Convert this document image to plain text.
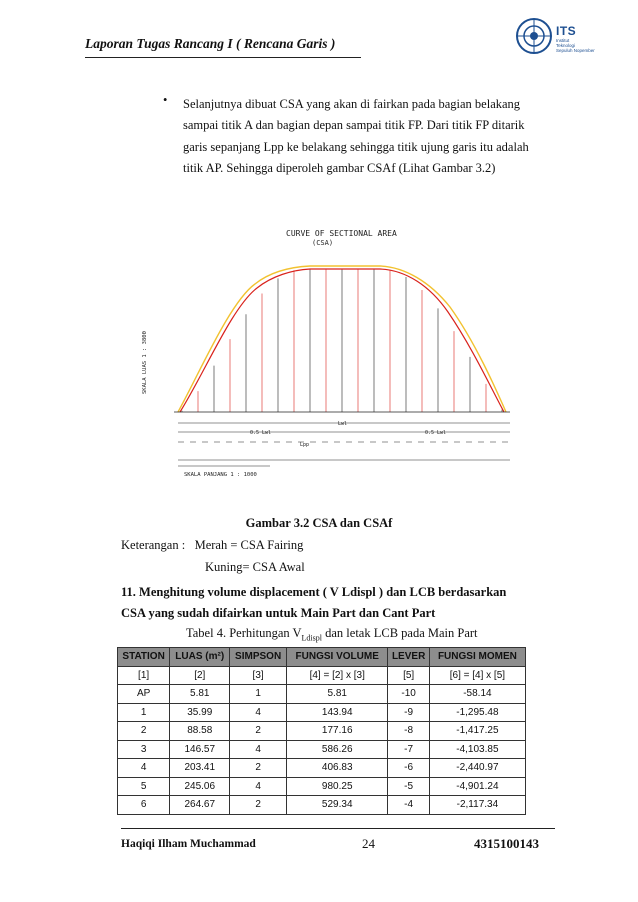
Laporan Tugas Rancang I ( Rencana Garis )
ITS
Institut
Teknologi
Sepuluh Nopember
• Selanjutnya dibuat CSA yang akan di fairkan pada bagian belakang
sampai titik A dan bagian depan sampai titik FP. Dari titik FP ditarik
garis sepanjang Lpp ke belakang sehingga titik ujung garis itu adalah
titik AP. Sehingga diperoleh gambar CSAf (Lihat Gambar 3.2)
CURVE OF SECTIONAL AREA
(CSA)
SKALA LUAS 1 : 3800
Lwl
0.5 Lwl	0.5 Lwl
Lpp
SKALA PANJANG 1 : 1000
Gambar 3.2 CSA dan CSAf
Keterangan : Merah = CSA Fairing
Kuning= CSA Awal
11. Menghitung volume displacement ( V Ldispl ) dan LCB berdasarkan
CSA yang sudah difairkan untuk Main Part dan Cant Part
Tabel 4. Perhitungan $V_{Ldispl}$ dan letak LCB pada Main Part
STATION	LUAS (m²)	SIMPSON	FUNGSI VOLUME	LEVER	FUNGSI MOMEN
[1]	[2]	[3]	[4] = [2] x [3]	[5]	[6] = [4] x [5]
AP	5.81	1	5.81	-10	-58.14
1	35.99	4	143.94	-9	-1,295.48
2	88.58	2	177.16	-8	-1,417.25
3	146.57	4	586.26	-7	-4,103.85
4	203.41	2	406.83	-6	-2,440.97
5	245.06	4	980.25	-5	-4,901.24
6	264.67	2	529.34	-4	-2,117.34
Haqiqi Ilham Muchammad	24	4315100143
